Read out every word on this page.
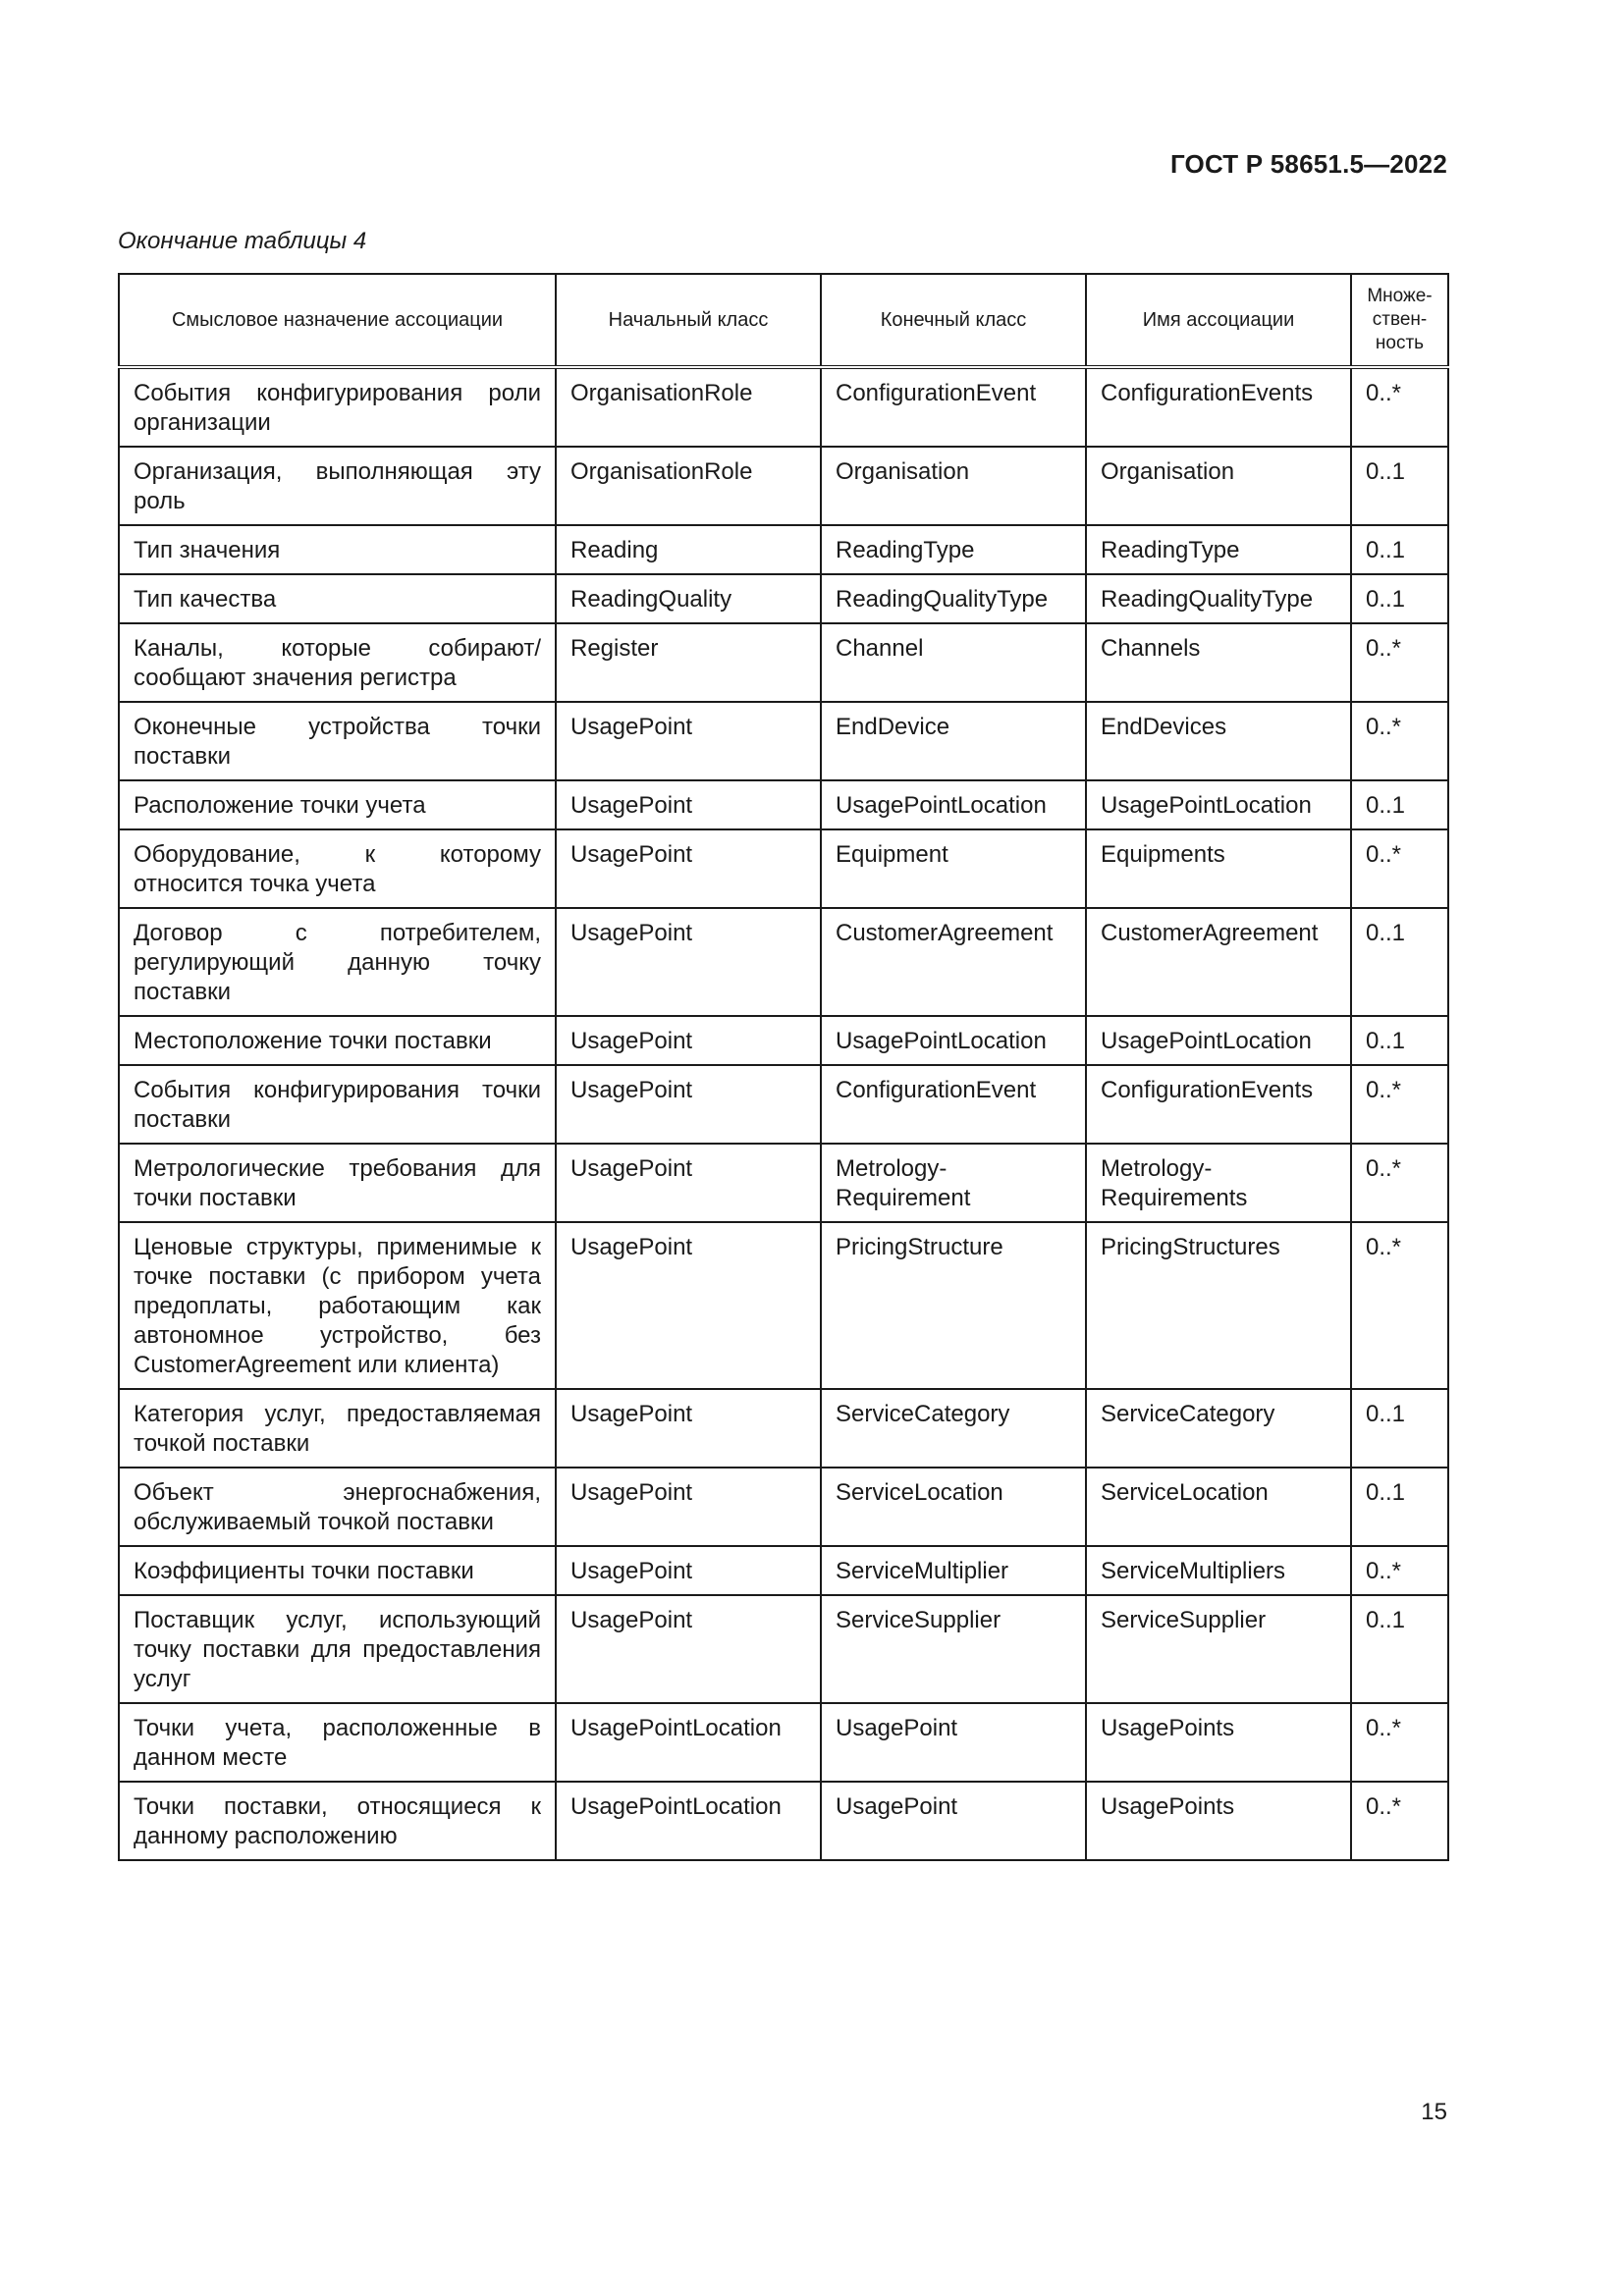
ГОСТ Р 58651.5—2022
Окончание таблицы 4
Смысловое назначение ассоциации	Начальный класс	Конечный класс	Имя ассоциации	Множе-
ствен-
ность
События конфигурирования роли организации	OrganisationRole	ConfigurationEvent	ConfigurationEvents	0..*
Организация, выполняющая эту роль	OrganisationRole	Organisation	Organisation	0..1
Тип значения	Reading	ReadingType	ReadingType	0..1
Тип качества	ReadingQuality	ReadingQualityType	ReadingQualityType	0..1
Каналы, которые собирают/сообщают значения регистра	Register	Channel	Channels	0..*
Оконечные устройства точки поставки	UsagePoint	EndDevice	EndDevices	0..*
Расположение точки учета	UsagePoint	UsagePointLocation	UsagePointLocation	0..1
Оборудование, к которому относится точка учета	UsagePoint	Equipment	Equipments	0..*
Договор с потребителем, регулирующий данную точку поставки	UsagePoint	CustomerAgreement	CustomerAgreement	0..1
Местоположение точки поставки	UsagePoint	UsagePointLocation	UsagePointLocation	0..1
События конфигурирования точки поставки	UsagePoint	ConfigurationEvent	ConfigurationEvents	0..*
Метрологические требования для точки поставки	UsagePoint	Metrology-Requirement	Metrology-Requirements	0..*
Ценовые структуры, применимые к точке поставки (с прибором учета предоплаты, работающим как автономное устройство, без CustomerAgreement или клиента)	UsagePoint	PricingStructure	PricingStructures	0..*
Категория услуг, предоставляемая точкой поставки	UsagePoint	ServiceCategory	ServiceCategory	0..1
Объект энергоснабжения, обслуживаемый точкой поставки	UsagePoint	ServiceLocation	ServiceLocation	0..1
Коэффициенты точки поставки	UsagePoint	ServiceMultiplier	ServiceMultipliers	0..*
Поставщик услуг, использующий точку поставки для предоставления услуг	UsagePoint	ServiceSupplier	ServiceSupplier	0..1
Точки учета, расположенные в данном месте	UsagePointLocation	UsagePoint	UsagePoints	0..*
Точки поставки, относящиеся к данному расположению	UsagePointLocation	UsagePoint	UsagePoints	0..*
15
